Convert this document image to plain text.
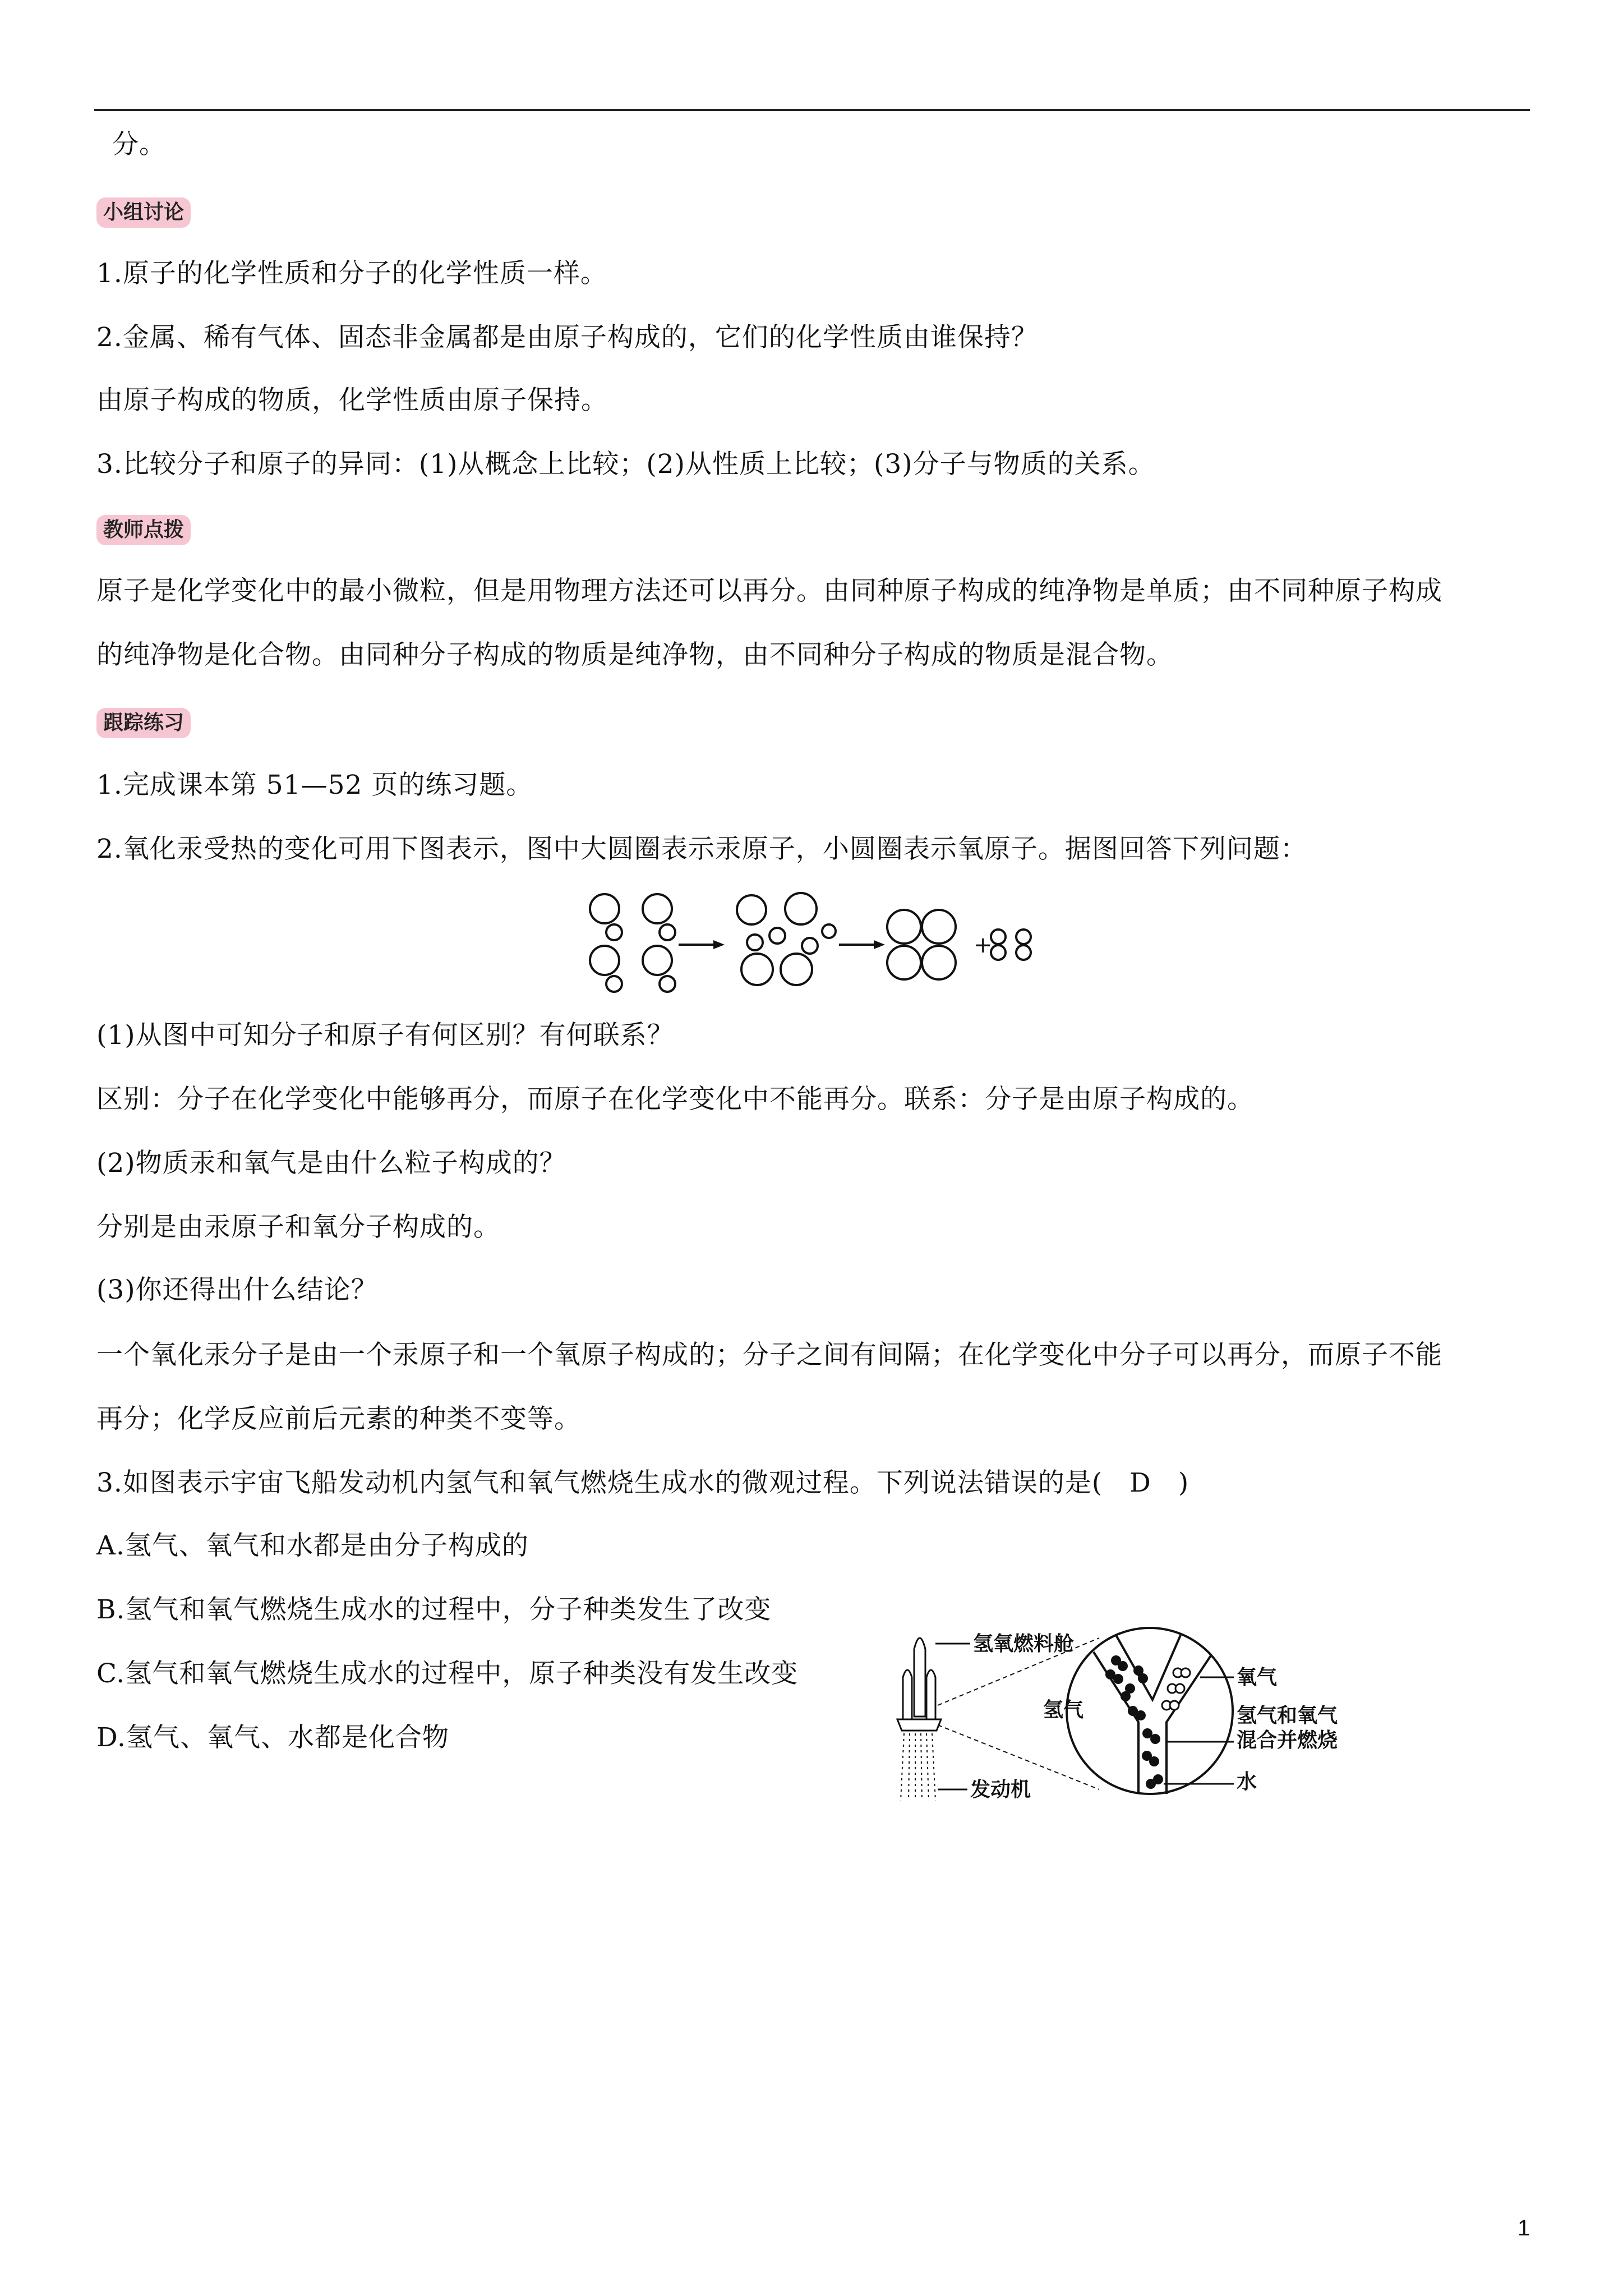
分。
小组讨论
1.原子的化学性质和分子的化学性质一样。
2.金属、稀有气体、固态非金属都是由原子构成的，它们的化学性质由谁保持？
由原子构成的物质，化学性质由原子保持。
3.比较分子和原子的异同：(1)从概念上比较；(2)从性质上比较；(3)分子与物质的关系。
教师点拨
原子是化学变化中的最小微粒，但是用物理方法还可以再分。由同种原子构成的纯净物是单质；由不同种原子构成
的纯净物是化合物。由同种分子构成的物质是纯净物，由不同种分子构成的物质是混合物。
跟踪练习
1.完成课本第 51—52 页的练习题。
2.氧化汞受热的变化可用下图表示，图中大圆圈表示汞原子，小圆圈表示氧原子。据图回答下列问题：
+
(1)从图中可知分子和原子有何区别？有何联系？
区别：分子在化学变化中能够再分，而原子在化学变化中不能再分。联系：分子是由原子构成的。
(2)物质汞和氧气是由什么粒子构成的？
分别是由汞原子和氧分子构成的。
(3)你还得出什么结论？
一个氧化汞分子是由一个汞原子和一个氧原子构成的；分子之间有间隔；在化学变化中分子可以再分，而原子不能
再分；化学反应前后元素的种类不变等。
3.如图表示宇宙飞船发动机内氢气和氧气燃烧生成水的微观过程。下列说法错误的是(　D　)
A.氢气、氧气和水都是由分子构成的
B.氢气和氧气燃烧生成水的过程中，分子种类发生了改变
C.氢气和氧气燃烧生成水的过程中，原子种类没有发生改变
D.氢气、氧气、水都是化合物
氢氧燃料舱
氢气
氧气
氢气和氧气
混合并燃烧
水
发动机
1
